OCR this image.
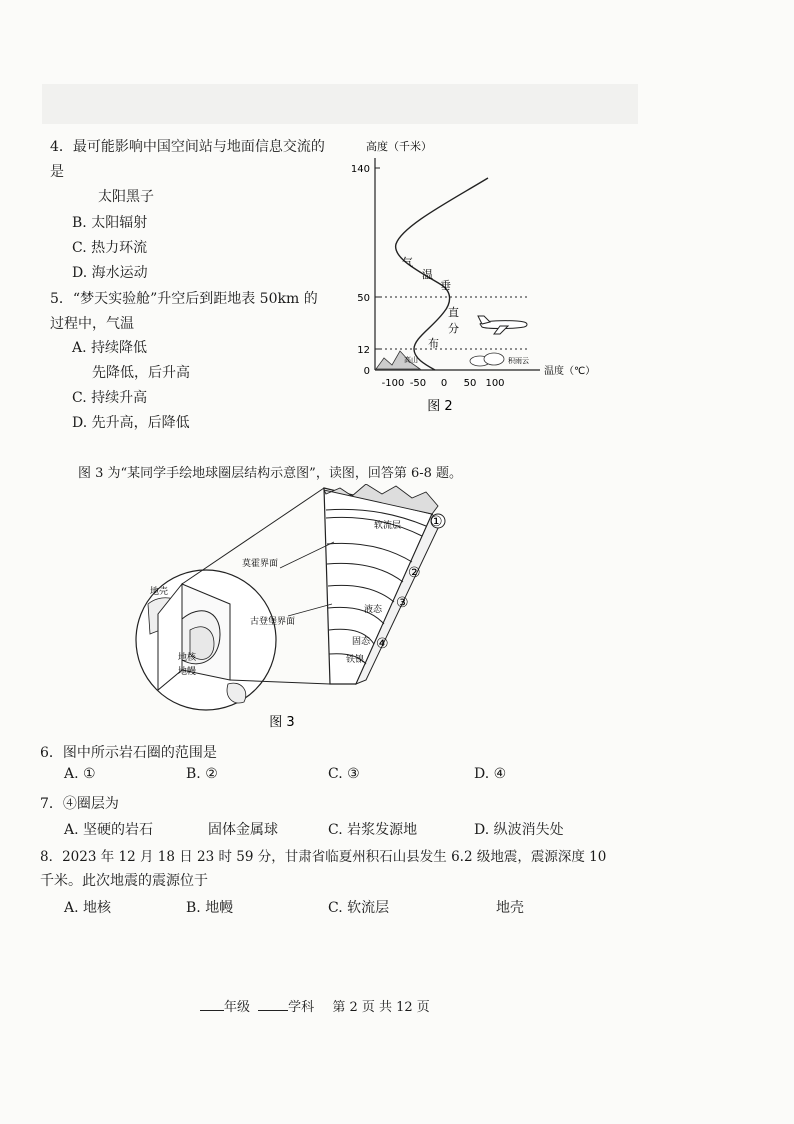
4．最可能影响中国空间站与地面信息交流的
是
太阳黑子
B. 太阳辐射
C. 热力环流
D. 海水运动
5．“梦天实验舱”升空后到距地表 50km 的
过程中，气温
A. 持续降低
先降低，后升高
C. 持续升高
D. 先升高，后降低
140
50
12
0
-100 -50 0 50 100
高度（千米）
温度（℃）
气
温
垂
直
分
布
高山	积雨云
图 2
图 3 为“某同学手绘地球圈层结构示意图”，读图，回答第 6-8 题。
软流层
莫霍界面
古登堡界面
地壳
地核
地幔
液态
固态
铁镍
①
②
③
④
图 3
6．图中所示岩石圈的范围是
A. ①	B. ②	C. ③	D. ④
7．④圈层为
A. 坚硬的岩石	固体金属球	C. 岩浆发源地	D. 纵波消失处
8．2023 年 12 月 18 日 23 时 59 分，甘肃省临夏州积石山县发生 6.2 级地震，震源深度 10
千米。此次地震的震源位于
A. 地核	B. 地幔	C. 软流层	地壳
年级	学科 第 2 页 共 12 页
